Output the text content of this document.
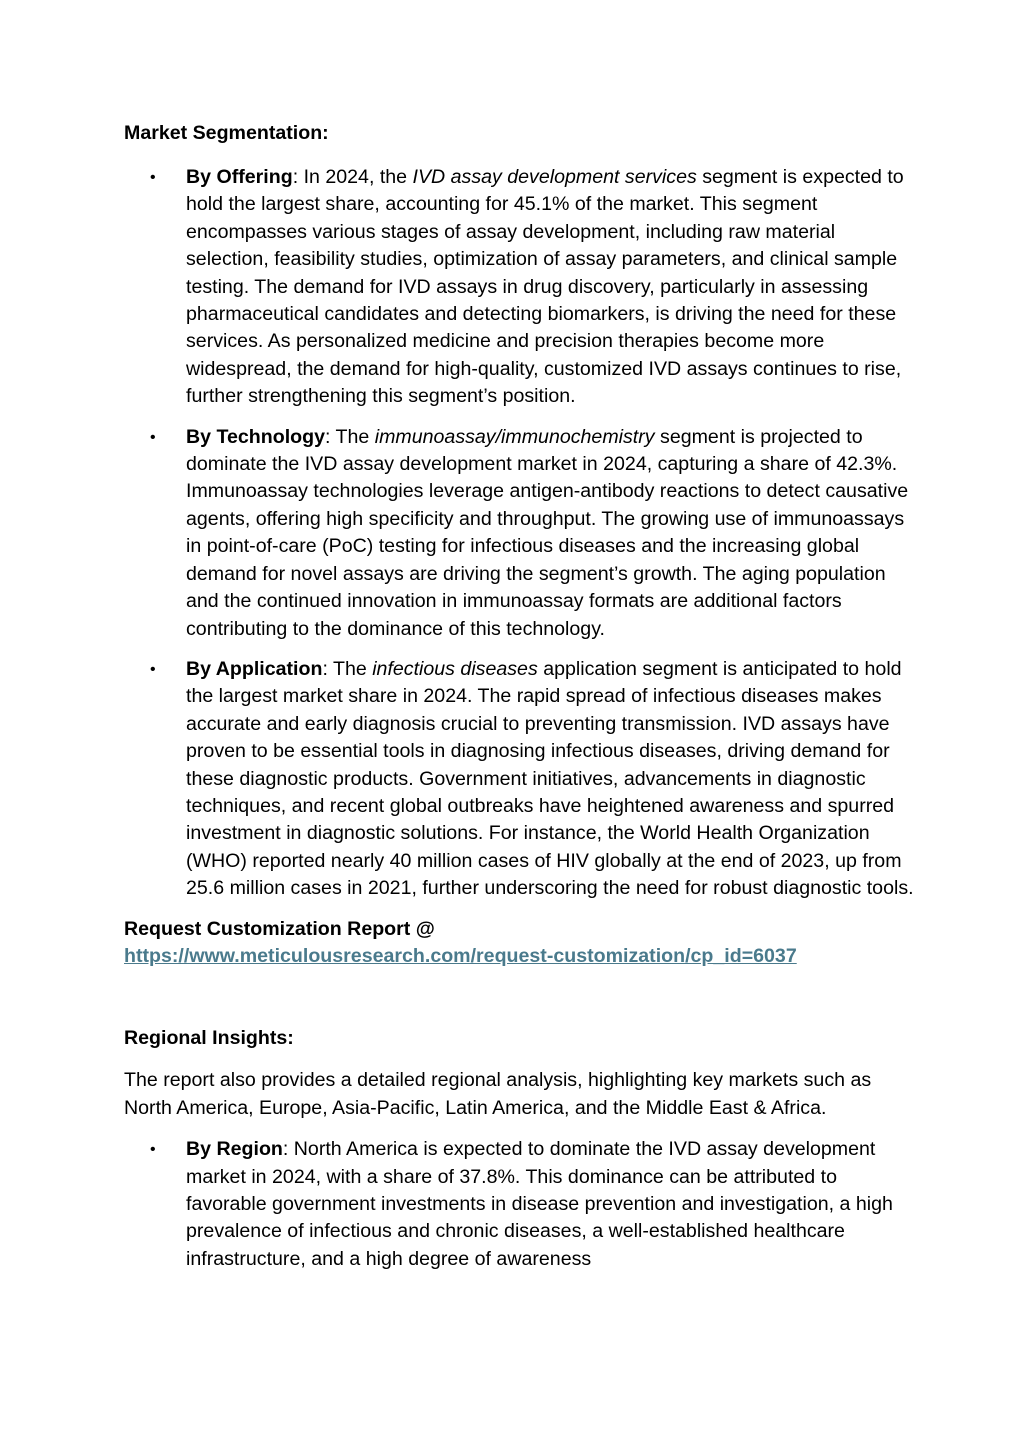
Market Segmentation:

• By Offering: In 2024, the IVD assay development services segment is expected to hold the largest share, accounting for 45.1% of the market. This segment encompasses various stages of assay development, including raw material selection, feasibility studies, optimization of assay parameters, and clinical sample testing. The demand for IVD assays in drug discovery, particularly in assessing pharmaceutical candidates and detecting biomarkers, is driving the need for these services. As personalized medicine and precision therapies become more widespread, the demand for high-quality, customized IVD assays continues to rise, further strengthening this segment’s position.
• By Technology: The immunoassay/immunochemistry segment is projected to dominate the IVD assay development market in 2024, capturing a share of 42.3%. Immunoassay technologies leverage antigen-antibody reactions to detect causative agents, offering high specificity and throughput. The growing use of immunoassays in point-of-care (PoC) testing for infectious diseases and the increasing global demand for novel assays are driving the segment’s growth. The aging population and the continued innovation in immunoassay formats are additional factors contributing to the dominance of this technology.
• By Application: The infectious diseases application segment is anticipated to hold the largest market share in 2024. The rapid spread of infectious diseases makes accurate and early diagnosis crucial to preventing transmission. IVD assays have proven to be essential tools in diagnosing infectious diseases, driving demand for these diagnostic products. Government initiatives, advancements in diagnostic techniques, and recent global outbreaks have heightened awareness and spurred investment in diagnostic solutions. For instance, the World Health Organization (WHO) reported nearly 40 million cases of HIV globally at the end of 2023, up from 25.6 million cases in 2021, further underscoring the need for robust diagnostic tools.

Request Customization Report @
https://www.meticulousresearch.com/request-customization/cp_id=6037

Regional Insights:

The report also provides a detailed regional analysis, highlighting key markets such as North America, Europe, Asia-Pacific, Latin America, and the Middle East & Africa.

• By Region: North America is expected to dominate the IVD assay development market in 2024, with a share of 37.8%. This dominance can be attributed to favorable government investments in disease prevention and investigation, a high prevalence of infectious and chronic diseases, a well-established healthcare infrastructure, and a high degree of awareness
